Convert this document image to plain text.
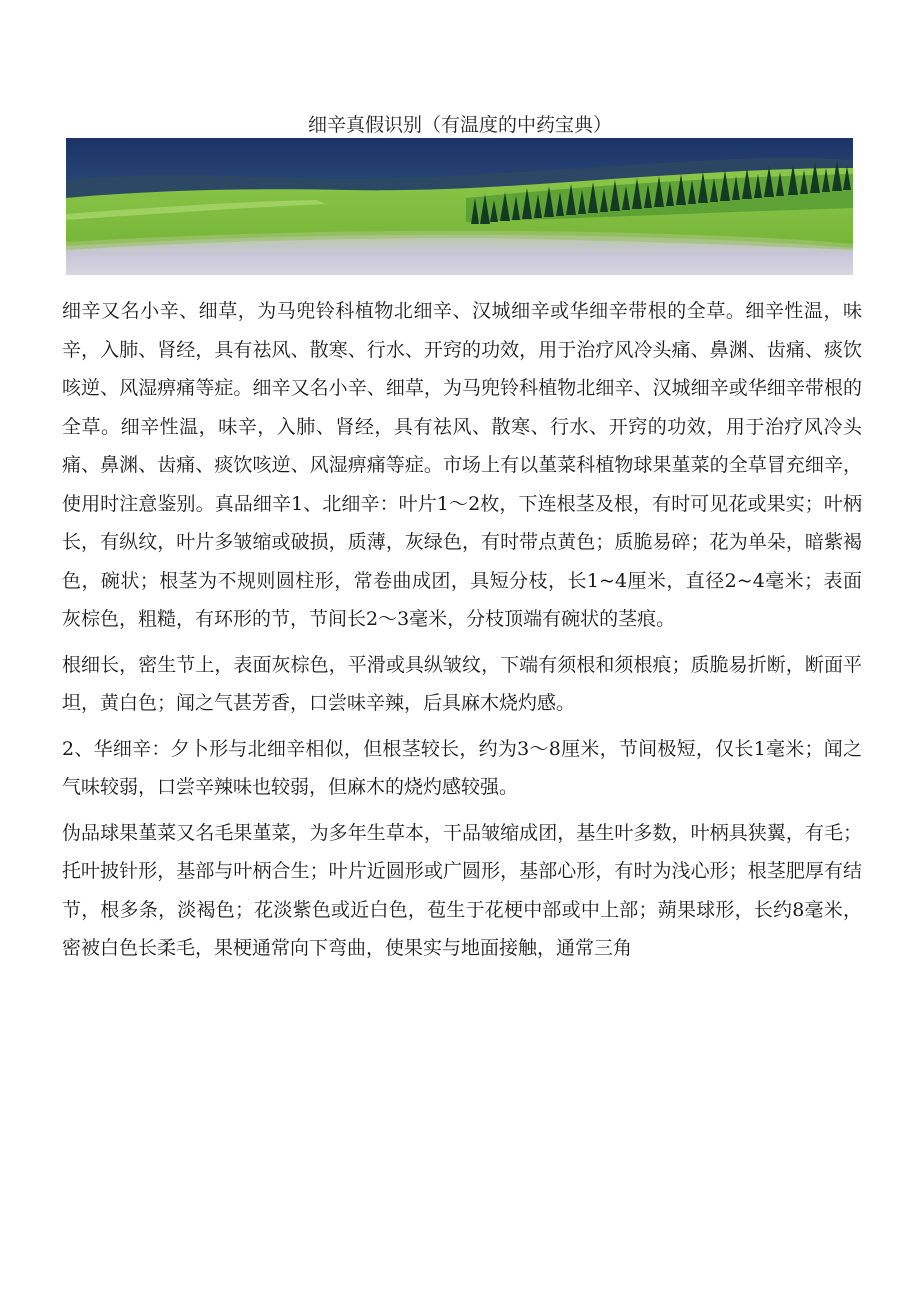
细辛真假识别（有温度的中药宝典）

细辛又名小辛、细草，为马兜铃科植物北细辛、汉城细辛或华细辛带根的全草。细辛性温，味辛，入肺、肾经，具有祛风、散寒、行水、开窍的功效，用于治疗风冷头痛、鼻渊、齿痛、痰饮咳逆、风湿痹痛等症。细辛又名小辛、细草，为马兜铃科植物北细辛、汉城细辛或华细辛带根的全草。细辛性温，味辛，入肺、肾经，具有祛风、散寒、行水、开窍的功效，用于治疗风冷头痛、鼻渊、齿痛、痰饮咳逆、风湿痹痛等症。市场上有以堇菜科植物球果堇菜的全草冒充细辛，使用时注意鉴别。真品细辛1、北细辛：叶片1〜2枚，下连根茎及根，有时可见花或果实；叶柄长，有纵纹，叶片多皱缩或破损，质薄，灰绿色，有时带点黄色；质脆易碎；花为单朵，暗紫褐色，碗状；根茎为不规则圆柱形，常卷曲成团，具短分枝，长1~4厘米，直径2~4毫米；表面灰棕色，粗糙，有环形的节，节间长2〜3毫米，分枝顶端有碗状的茎痕。

根细长，密生节上，表面灰棕色，平滑或具纵皱纹，下端有须根和须根痕；质脆易折断，断面平坦，黄白色；闻之气甚芳香，口尝味辛辣，后具麻木烧灼感。

2、华细辛：夕卜形与北细辛相似，但根茎较长，约为3〜8厘米，节间极短，仅长1毫米；闻之气味较弱，口尝辛辣味也较弱，但麻木的烧灼感较强。

伪品球果堇菜又名毛果堇菜，为多年生草本，干品皱缩成团，基生叶多数，叶柄具狭翼，有毛；托叶披针形，基部与叶柄合生；叶片近圆形或广圆形，基部心形，有时为浅心形；根茎肥厚有结节，根多条，淡褐色；花淡紫色或近白色，苞生于花梗中部或中上部；蒴果球形，长约8毫米，密被白色长柔毛，果梗通常向下弯曲，使果实与地面接触，通常三角
